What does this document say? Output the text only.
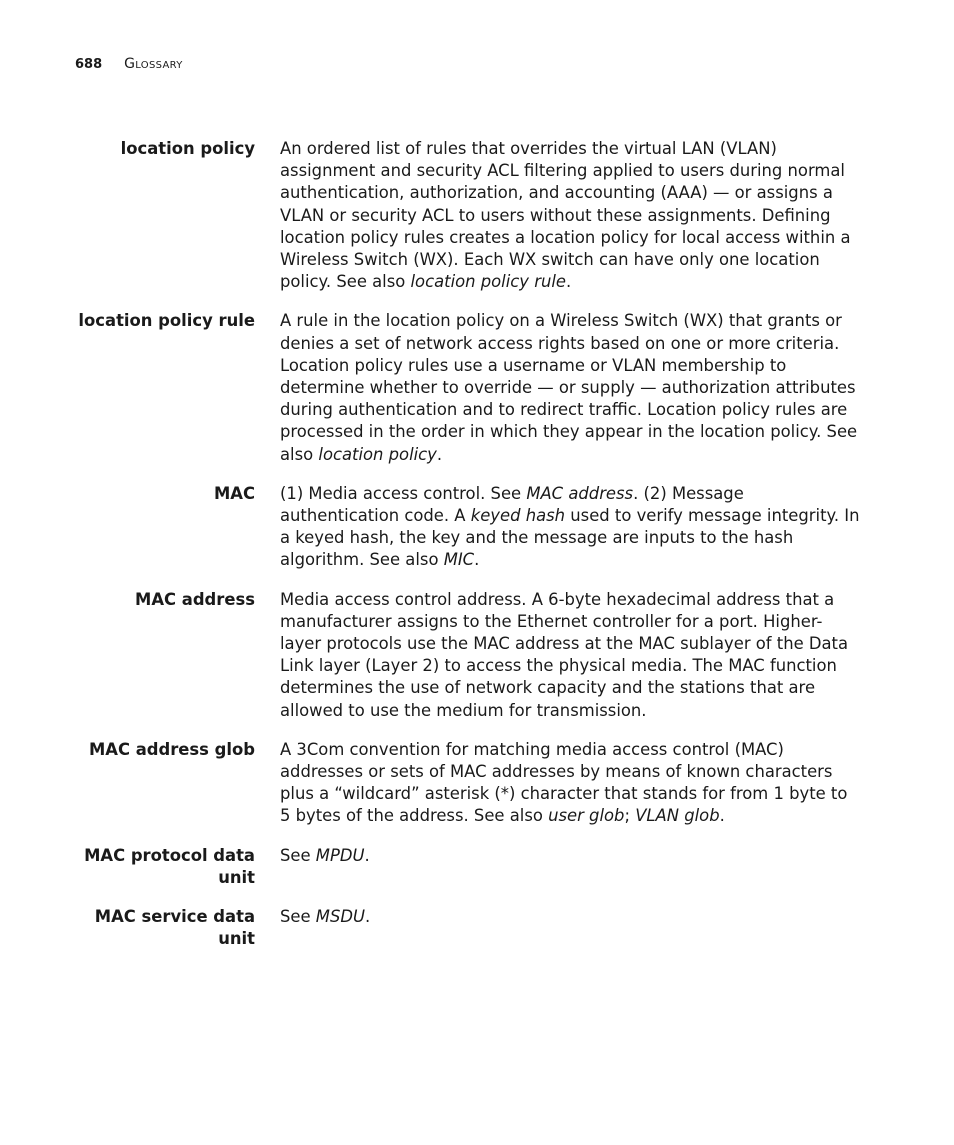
688 Glossary
location policy An ordered list of rules that overrides the virtual LAN (VLAN) assignment and security ACL filtering applied to users during normal authentication, authorization, and accounting (AAA) — or assigns a VLAN or security ACL to users without these assignments. Defining location policy rules creates a location policy for local access within a Wireless Switch (WX). Each WX switch can have only one location policy. See also location policy rule.
location policy rule A rule in the location policy on a Wireless Switch (WX) that grants or denies a set of network access rights based on one or more criteria. Location policy rules use a username or VLAN membership to determine whether to override — or supply — authorization attributes during authentication and to redirect traffic. Location policy rules are processed in the order in which they appear in the location policy. See also location policy.
MAC (1) Media access control. See MAC address. (2) Message authentication code. A keyed hash used to verify message integrity. In a keyed hash, the key and the message are inputs to the hash algorithm. See also MIC.
MAC address Media access control address. A 6-byte hexadecimal address that a manufacturer assigns to the Ethernet controller for a port. Higher-layer protocols use the MAC address at the MAC sublayer of the Data Link layer (Layer 2) to access the physical media. The MAC function determines the use of network capacity and the stations that are allowed to use the medium for transmission.
MAC address glob A 3Com convention for matching media access control (MAC) addresses or sets of MAC addresses by means of known characters plus a “wildcard” asterisk (*) character that stands for from 1 byte to 5 bytes of the address. See also user glob; VLAN glob.
MAC protocol data unit
See MPDU.
MAC service data unit
See MSDU.
